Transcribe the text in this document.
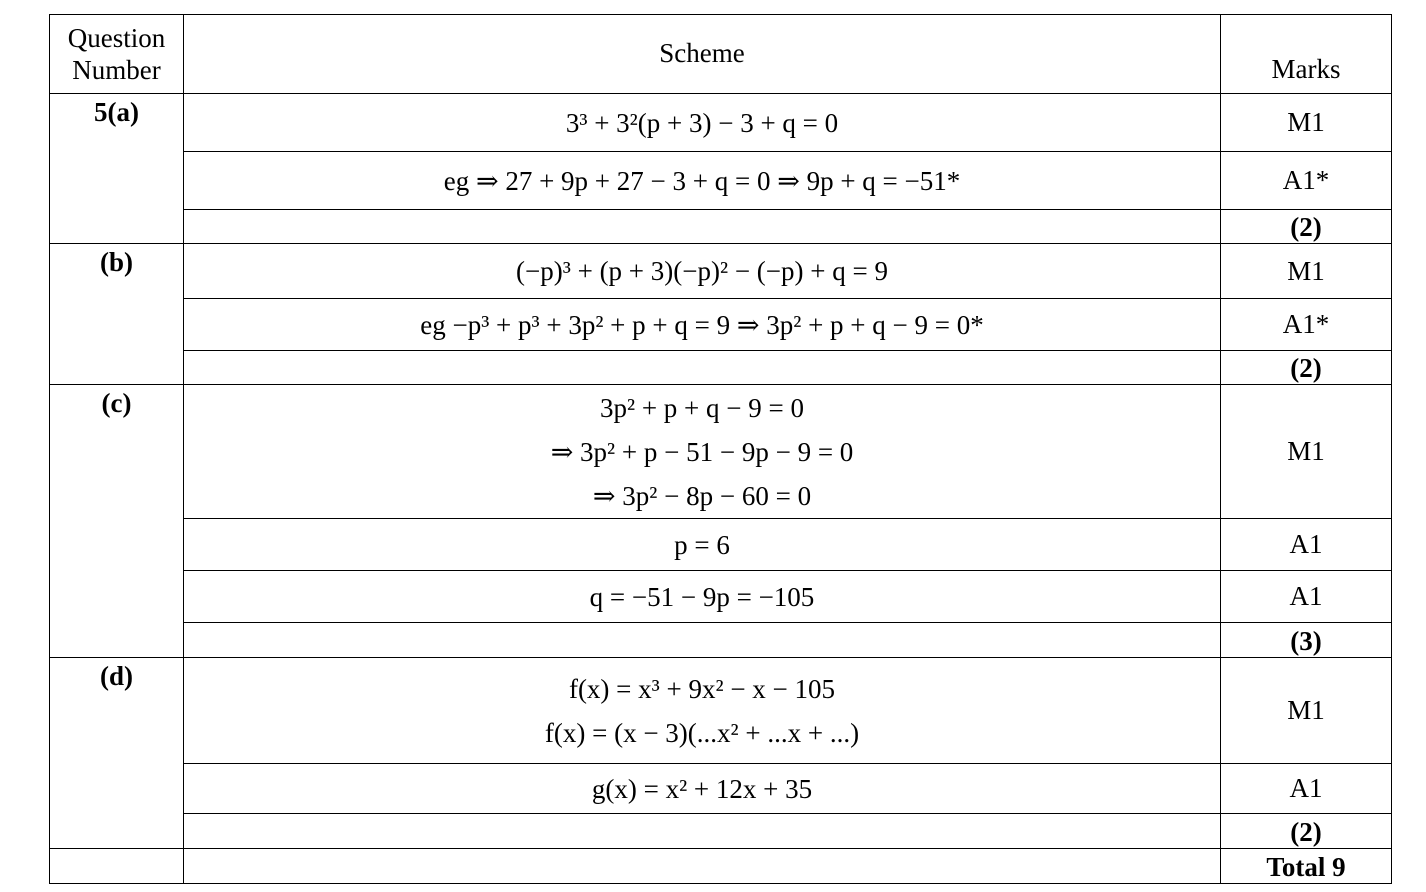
Question
Number	Scheme	Marks
5(a)	3³ + 3²(p + 3) − 3 + q = 0	M1

	eg ⇒ 27 + 9p + 27 − 3 + q = 0 ⇒ 9p + q = −51*	A1*
		(2)
(b)	(−p)³ + (p + 3)(−p)² − (−p) + q = 9	M1

	eg −p³ + p³ + 3p² + p + q = 9 ⇒ 3p² + p + q − 9 = 0*	A1*
		(2)
(c)	3p² + p + q − 9 = 0
⇒ 3p² + p − 51 − 9p − 9 = 0
⇒ 3p² − 8p − 60 = 0	M1

	p = 6	A1

	q = −51 − 9p = −105	A1
		(3)
(d)	f(x) = x³ + 9x² − x − 105
f(x) = (x − 3)(...x² + ...x + ...)	M1

	g(x) = x² + 12x + 35	A1
		(2)
		Total 9
